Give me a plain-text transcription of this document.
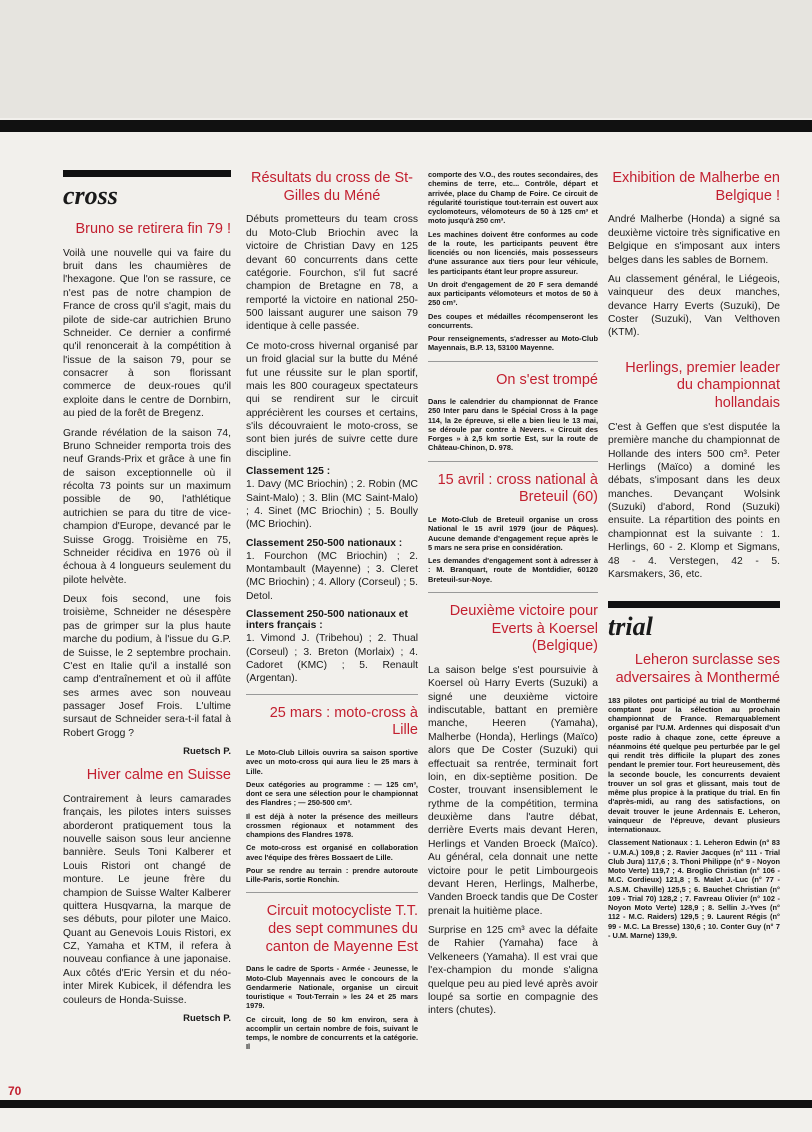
cross
Bruno se retirera fin 79 !

Voilà une nouvelle qui va faire du bruit dans les chaumières de l'hexagone. Que l'on se rassure, ce n'est pas de notre champion de France de cross qu'il s'agit, mais du pilote de side-car autrichien Bruno Schneider. Ce dernier a confirmé qu'il renoncerait à la compétition à l'issue de la saison 79, pour se consacrer à son florissant commerce de deux-roues qu'il exploite dans le centre de Dornbirn, au pied de la forêt de Bregenz.

Grande révélation de la saison 74, Bruno Schneider remporta trois des neuf Grands-Prix et grâce à une fin de saison exceptionnelle où il récolta 73 points sur un maximum possible de 90, l'athlétique autrichien se para du titre de vice-champion d'Europe, devancé par le Suisse Grogg. Troisième en 75, Schneider récidiva en 1976 où il échoua à 4 longueurs seulement du pilote helvète.

Deux fois second, une fois troisième, Schneider ne désespère pas de grimper sur la plus haute marche du podium, à l'issue du G.P. de Suisse, le 2 septembre prochain. C'est en Italie qu'il a installé son camp d'entraînement et où il affûte ses armes avec son nouveau passager Josef Frois. L'ultime sursaut de Schneider sera-t-il fatal à Robert Grogg ?

Ruetsch P.
Hiver calme en Suisse

Contrairement à leurs camarades français, les pilotes inters suisses aborderont pratiquement tous la nouvelle saison sous leur ancienne bannière. Seuls Toni Kalberer et Louis Ristori ont changé de monture. Le jeune frère du champion de Suisse Walter Kalberer quittera Husqvarna, la marque de ses débuts, pour piloter une Maico. Quant au Genevois Louis Ristori, ex CZ, Yamaha et KTM, il refera à nouveau confiance à une japonaise. Aux côtés d'Eric Yersin et du néo-inter Mirek Kubicek, il défendra les couleurs de Honda-Suisse.

Ruetsch P.
Résultats du cross de St-Gilles du Méné

Débuts prometteurs du team cross du Moto-Club Briochin avec la victoire de Christian Davy en 125 devant 60 concurrents dans cette catégorie. Fourchon, s'il fut sacré champion de Bretagne en 78, a remporté la victoire en national 250-500 laissant augurer une saison 79 identique à celle passée.

Ce moto-cross hivernal organisé par un froid glacial sur la butte du Méné fut une réussite sur le plan sportif, mais les 800 courageux spectateurs qui se rendirent sur le circuit apprécièrent les courses et certains, s'ils découvraient le moto-cross, se sont bien jurés de suivre cette dure discipline.

Classement 125 :

1. Davy (MC Briochin) ; 2. Robin (MC Saint-Malo) ; 3. Blin (MC Saint-Malo) ; 4. Sinet (MC Briochin) ; 5. Boully (MC Briochin).

Classement 250-500 nationaux :

1. Fourchon (MC Briochin) ; 2. Montambault (Mayenne) ; 3. Cleret (MC Briochin) ; 4. Allory (Corseul) ; 5. Detol.

Classement 250-500 nationaux et inters français :

1. Vimond J. (Tribehou) ; 2. Thual (Corseul) ; 3. Breton (Morlaix) ; 4. Cadoret (KMC) ; 5. Renault (Argentan).

25 mars : moto-cross à Lille

Le Moto-Club Lillois ouvrira sa saison sportive avec un moto-cross qui aura lieu le 25 mars à Lille.

Deux catégories au programme : — 125 cm³, dont ce sera une sélection pour le championnat des Flandres ; — 250-500 cm³.

Il est déjà à noter la présence des meilleurs crossmen régionaux et notamment des champions des Flandres 1978.

Ce moto-cross est organisé en collaboration avec l'équipe des frères Bossaert de Lille.

Pour se rendre au terrain : prendre autoroute Lille-Paris, sortie Ronchin.

Circuit motocycliste T.T. des sept communes du canton de Mayenne Est

Dans le cadre de Sports - Armée - Jeunesse, le Moto-Club Mayennais avec le concours de la Gendarmerie Nationale, organise un circuit touristique « Tout-Terrain » les 24 et 25 mars 1979.

Ce circuit, long de 50 km environ, sera à accomplir un certain nombre de fois, suivant le temps, le nombre de concurrents et la catégorie. Il

comporte des V.O., des routes secondaires, des chemins de terre, etc... Contrôle, départ et arrivée, place du Champ de Foire. Ce circuit de régularité touristique tout-terrain est ouvert aux cyclomoteurs, vélomoteurs de 50 à 125 cm³ et moto jusqu'à 250 cm³.

Les machines doivent être conformes au code de la route, les participants peuvent être licenciés ou non licenciés, mais possesseurs d'une assurance aux tiers pour leur véhicule, les participants étant leur propre assureur.

Un droit d'engagement de 20 F sera demandé aux participants vélomoteurs et motos de 50 à 250 cm³.

Des coupes et médailles récompenseront les concurrents.

Pour renseignements, s'adresser au Moto-Club Mayennais, B.P. 13, 53100 Mayenne.

On s'est trompé

Dans le calendrier du championnat de France 250 Inter paru dans le Spécial Cross à la page 114, la 2e épreuve, si elle a bien lieu le 13 mai, se déroule par contre à Nevers. « Circuit des Forges » à 2,5 km sortie Est, sur la route de Château-Chinon, D. 978.

15 avril : cross national à Breteuil (60)

Le Moto-Club de Breteuil organise un cross National le 15 avril 1979 (jour de Pâques). Aucune demande d'engagement reçue après le 5 mars ne sera prise en considération.

Les demandes d'engagement sont à adresser à : M. Branquart, route de Montdidier, 60120 Breteuil-sur-Noye.

Deuxième victoire pour Everts à Koersel (Belgique)

La saison belge s'est poursuivie à Koersel où Harry Everts (Suzuki) a signé une deuxième victoire indiscutable, battant en première manche, Heeren (Yamaha), Malherbe (Honda), Herlings (Maïco) alors que De Coster (Suzuki) qui effectuait sa rentrée, terminait fort loin, en dix-septième position. De Coster, trouvant insensiblement le rythme de la compétition, termina deuxième dans l'autre débat, derrière Everts mais devant Heren, Herlings et Vanden Broeck (Maïco). Au général, cela donnait une nette victoire pour le petit Limbourgeois devant Heren, Herlings, Malherbe, Vanden Broeck tandis que De Coster prenait la huitième place.

Surprise en 125 cm³ avec la défaite de Rahier (Yamaha) face à Velkeneers (Yamaha). Il est vrai que l'ex-champion du monde s'aligna quelque peu au pied levé après avoir loupé sa sortie en compagnie des inters (chutes).

Exhibition de Malherbe en Belgique !

André Malherbe (Honda) a signé sa deuxième victoire très significative en Belgique en s'imposant aux inters belges dans les sables de Bornem.

Au classement général, le Liégeois, vainqueur des deux manches, devance Harry Everts (Suzuki), De Coster (Suzuki), Van Velthoven (KTM).

Herlings, premier leader du championnat hollandais

C'est à Geffen que s'est disputée la première manche du championnat de Hollande des inters 500 cm³. Peter Herlings (Maïco) a dominé les débats, s'imposant dans les deux manches. Devançant Wolsink (Suzuki) d'abord, Rond (Suzuki) ensuite. La répartition des points en championnat est la suivante : 1. Herlings, 60 - 2. Klomp et Sigmans, 48 - 4. Verstegen, 42 - 5. Karsmakers, 36, etc.

trial
Leheron surclasse ses adversaires à Monthermé

183 pilotes ont participé au trial de Monthermé comptant pour la sélection au prochain championnat de France. Remarquablement organisé par l'U.M. Ardennes qui disposait d'un poste radio à chaque zone, cette épreuve a néanmoins été quelque peu perturbée par le gel qui rendit très difficile la plupart des zones pendant le premier tour. Fort heureusement, dès la seconde boucle, les concurrents devaient trouver un sol gras et glissant, mais tout de même plus propice à la pratique du trial. En fin d'après-midi, au rang des satisfactions, on devait trouver le jeune Ardennais E. Leheron, vainqueur de l'épreuve, devant plusieurs internationaux.

Classement Nationaux : 1. Leheron Edwin (n° 83 - U.M.A.) 109,8 ; 2. Ravier Jacques (n° 111 - Trial Club Jura) 117,6 ; 3. Thoni Philippe (n° 9 - Noyon Moto Verte) 119,7 ; 4. Broglio Christian (n° 106 - M.C. Cordieux) 121,8 ; 5. Malet J.-Luc (n° 77 - A.S.M. Chaville) 125,5 ; 6. Bauchet Christian (n° 109 - Trial 70) 128,2 ; 7. Favreau Olivier (n° 102 - Noyon Moto Verte) 128,9 ; 8. Sellin J.-Yves (n° 112 - M.C. Raiders) 129,5 ; 9. Laurent Régis (n° 99 - M.C. La Bresse) 130,6 ; 10. Conter Guy (n° 7 - U.M. Marne) 139,9.

70
